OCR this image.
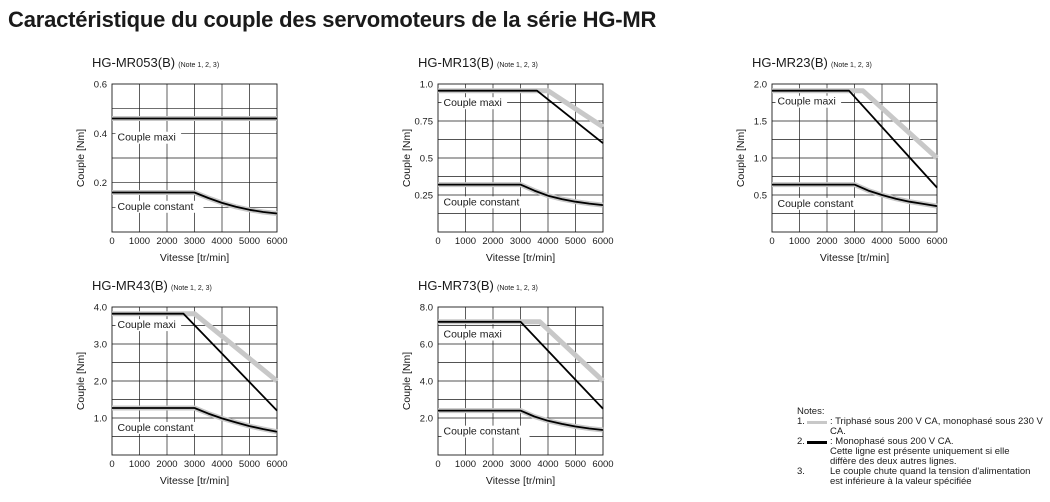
Caractéristique du couple des servomoteurs de la série HG-MR
HG-MR053(B) (Note 1, 2, 3)
Couple maxi
Couple constant
0.2
0.4
0.6
0 1000 2000 3000 4000 5000 6000
Vitesse [tr/min]
Couple [Nm]
HG-MR13(B) (Note 1, 2, 3)
Couple maxi
Couple constant
0.25
0.5
0.75
1.0
0 1000 2000 3000 4000 5000 6000
Vitesse [tr/min]
Couple [Nm]
HG-MR23(B) (Note 1, 2, 3)
Couple maxi
Couple constant
0.5
1.0
1.5
2.0
0 1000 2000 3000 4000 5000 6000
Vitesse [tr/min]
Couple [Nm]
HG-MR43(B) (Note 1, 2, 3)
Couple maxi
Couple constant
1.0
2.0
3.0
4.0
0 1000 2000 3000 4000 5000 6000
Vitesse [tr/min]
Couple [Nm]
HG-MR73(B) (Note 1, 2, 3)
Couple maxi
Couple constant
2.0
4.0
6.0
8.0
0 1000 2000 3000 4000 5000 6000
Vitesse [tr/min]
Couple [Nm]
Notes:
1.	: Triphasé sous 200 V CA, monophasé sous 230 V CA.
2.	: Monophasé sous 200 V CA.
Cette ligne est présente uniquement si elle
diffère des deux autres lignes.
3.	Le couple chute quand la tension d'alimentation
est inférieure à la valeur spécifiée
